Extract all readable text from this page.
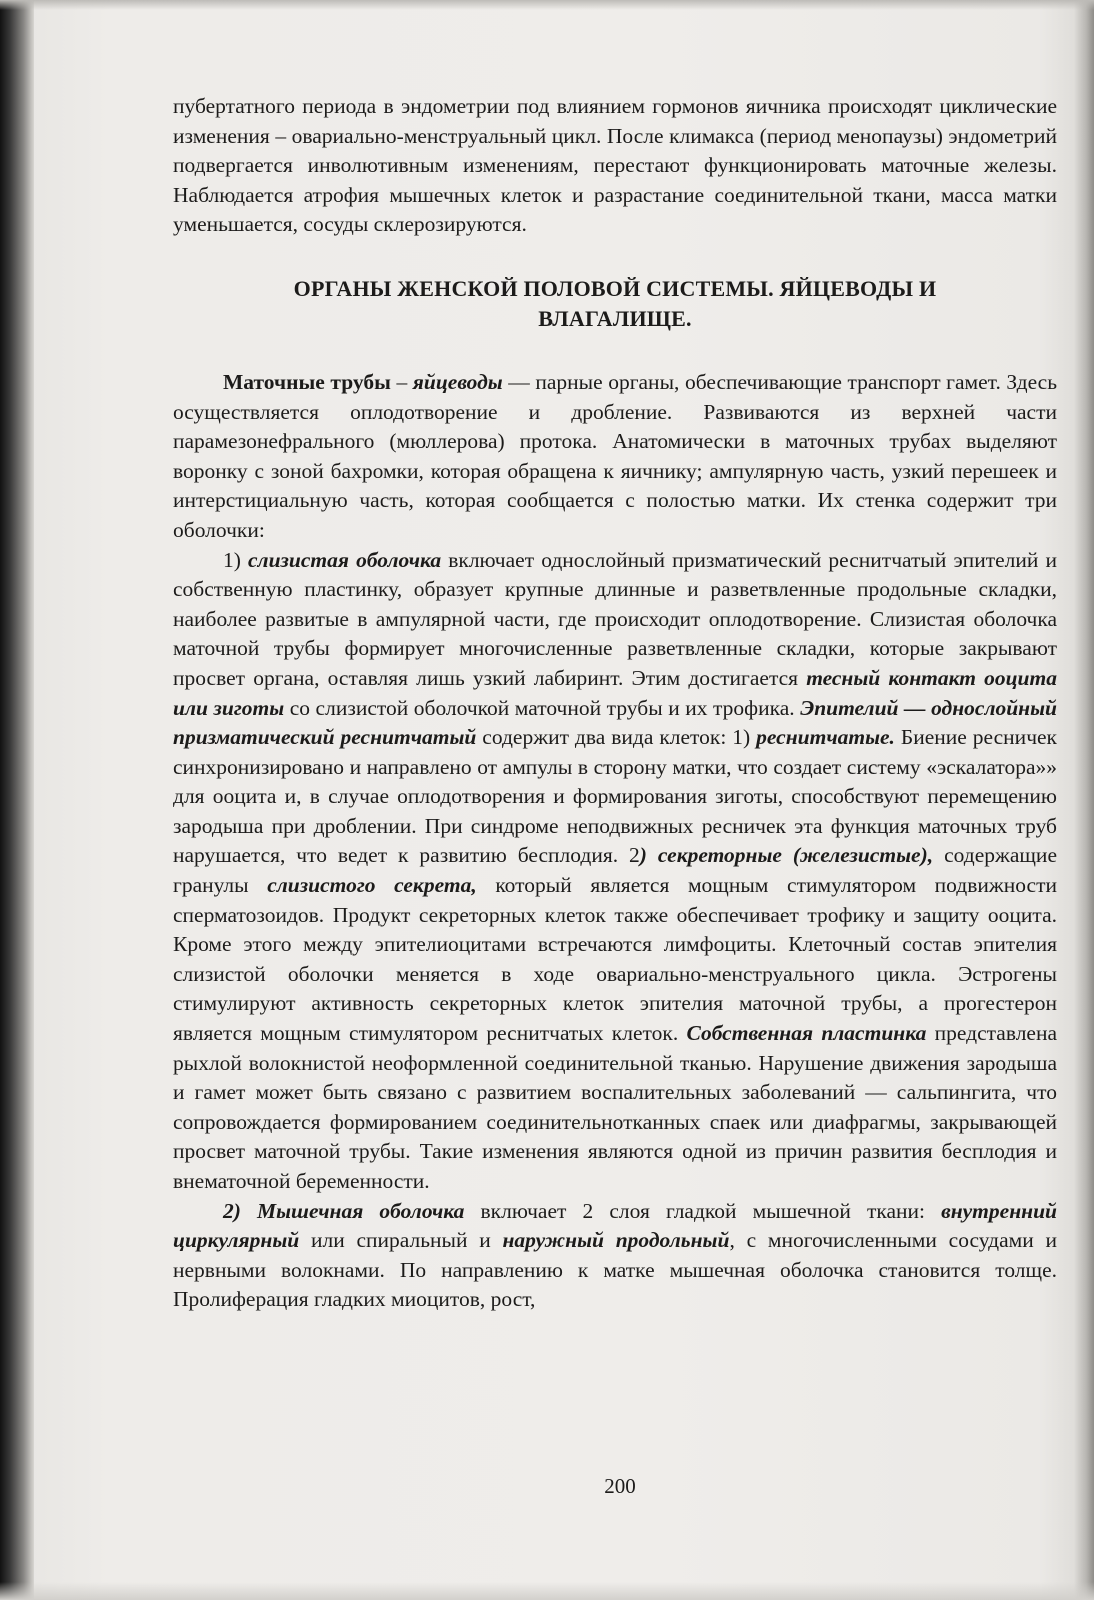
пубертатного периода в эндометрии под влиянием гормонов яичника происходят циклические изменения – овариально-менструальный цикл. После климакса (период менопаузы) эндометрий подвергается инволютивным изменениям, перестают функционировать маточные железы. Наблюдается атрофия мышечных клеток и разрастание соединительной ткани, масса матки уменьшается, сосуды склерозируются.

ОРГАНЫ ЖЕНСКОЙ ПОЛОВОЙ СИСТЕМЫ. ЯЙЦЕВОДЫ И
ВЛАГАЛИЩЕ.

Маточные трубы – яйцеводы — парные органы, обеспечивающие транспорт гамет. Здесь осуществляется оплодотворение и дробление. Развиваются из верхней части парамезонефрального (мюллерова) протока. Анатомически в маточных трубах выделяют воронку с зоной бахромки, которая обращена к яичнику; ампулярную часть, узкий перешеек и интерстициальную часть, которая сообщается с полостью матки. Их стенка содержит три оболочки:

1) слизистая оболочка включает однослойный призматический реснитчатый эпителий и собственную пластинку, образует крупные длинные и разветвленные продольные складки, наиболее развитые в ампулярной части, где происходит оплодотворение. Слизистая оболочка маточной трубы формирует многочисленные разветвленные складки, которые закрывают просвет органа, оставляя лишь узкий лабиринт. Этим достигается тесный контакт ооцита или зиготы со слизистой оболочкой маточной трубы и их трофика. Эпителий — однослойный призматический реснитчатый содержит два вида клеток: 1) реснитчатые. Биение ресничек синхронизировано и направлено от ампулы в сторону матки, что создает систему «эскалатора»» для ооцита и, в случае оплодотворения и формирования зиготы, способствуют перемещению зародыша при дроблении. При синдроме неподвижных ресничек эта функция маточных труб нарушается, что ведет к развитию бесплодия. 2) секреторные (железистые), содержащие гранулы слизистого секрета, который является мощным стимулятором подвижности сперматозоидов. Продукт секреторных клеток также обеспечивает трофику и защиту ооцита. Кроме этого между эпителиоцитами встречаются лимфоциты. Клеточный состав эпителия слизистой оболочки меняется в ходе овариально-менструального цикла. Эстрогены стимулируют активность секреторных клеток эпителия маточной трубы, а прогестерон является мощным стимулятором реснитчатых клеток. Собственная пластинка представлена рыхлой волокнистой неоформленной соединительной тканью. Нарушение движения зародыша и гамет может быть связано с развитием воспалительных заболеваний — сальпингита, что сопровождается формированием соединительнотканных спаек или диафрагмы, закрывающей просвет маточной трубы. Такие изменения являются одной из причин развития бесплодия и внематочной беременности.

2) Мышечная оболочка включает 2 слоя гладкой мышечной ткани: внутренний циркулярный или спиральный и наружный продольный, с многочисленными сосудами и нервными волокнами. По направлению к матке мышечная оболочка становится толще. Пролиферация гладких миоцитов, рост,

200
